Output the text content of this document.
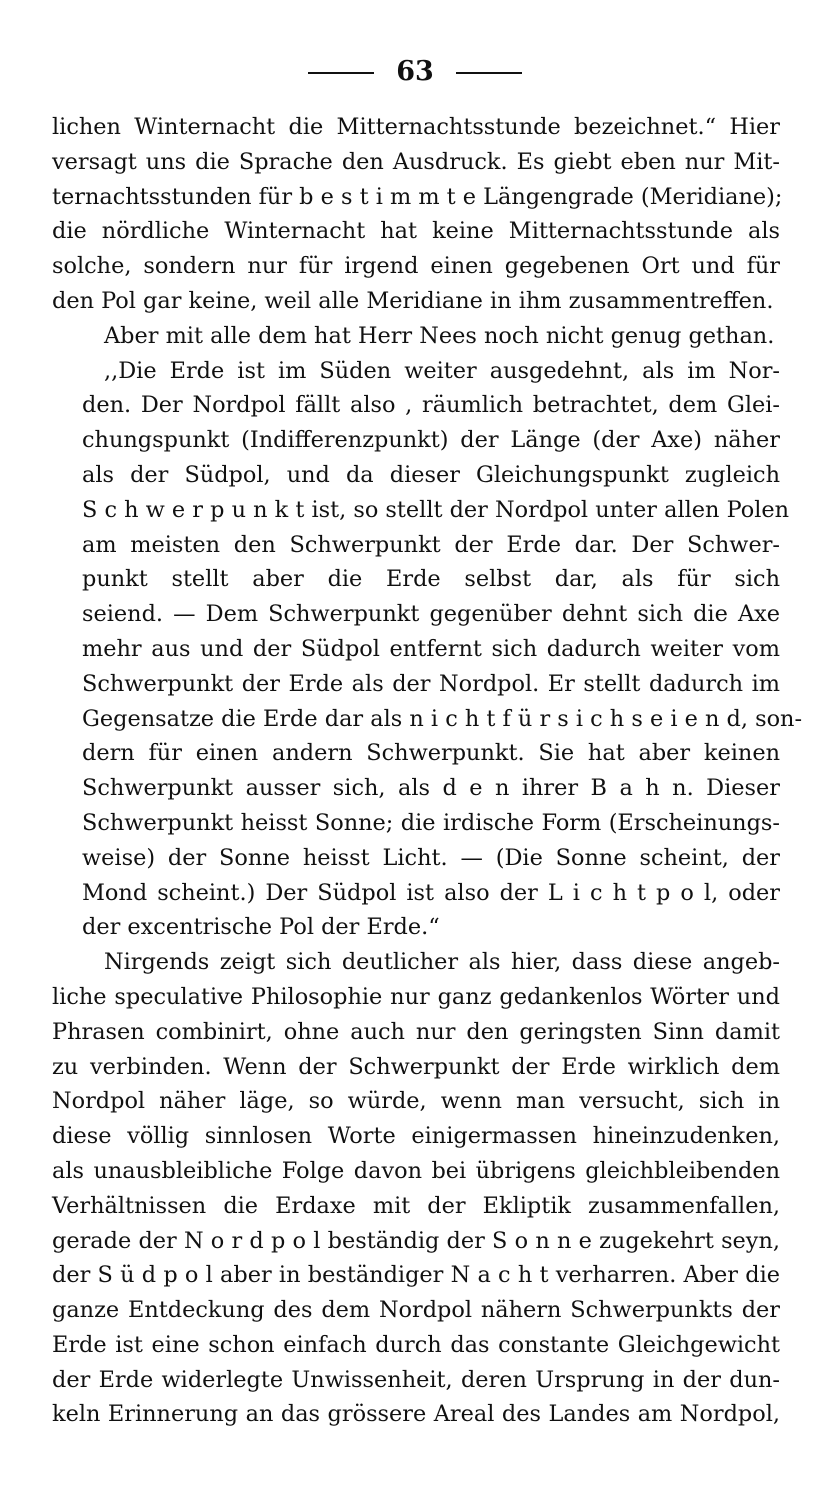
63
lichen Winternacht die Mitternachtsstunde bezeichnet.“ Hier
versagt uns die Sprache den Ausdruck. Es giebt eben nur Mit-
ternachtsstunden für b e s t i m m t e Längengrade (Meridiane);
die nördliche Winternacht hat keine Mitternachtsstunde als
solche, sondern nur für irgend einen gegebenen Ort und für
den Pol gar keine, weil alle Meridiane in ihm zusammentreffen.
Aber mit alle dem hat Herr Nees noch nicht genug gethan.
,,Die Erde ist im Süden weiter ausgedehnt, als im Nor-
den. Der Nordpol fällt also , räumlich betrachtet, dem Glei-
chungspunkt (Indifferenzpunkt) der Länge (der Axe) näher
als der Südpol, und da dieser Gleichungspunkt zugleich
S c h w e r p u n k t ist, so stellt der Nordpol unter allen Polen
am meisten den Schwerpunkt der Erde dar. Der Schwer-
punkt stellt aber die Erde selbst dar, als für sich
seiend. — Dem Schwerpunkt gegenüber dehnt sich die Axe
mehr aus und der Südpol entfernt sich dadurch weiter vom
Schwerpunkt der Erde als der Nordpol. Er stellt dadurch im
Gegensatze die Erde dar als n i c h t f ü r s i c h s e i e n d, son-
dern für einen andern Schwerpunkt. Sie hat aber keinen
Schwerpunkt ausser sich, als d e n ihrer B a h n. Dieser
Schwerpunkt heisst Sonne; die irdische Form (Erscheinungs-
weise) der Sonne heisst Licht. — (Die Sonne scheint, der
Mond scheint.) Der Südpol ist also der L i c h t p o l, oder
der excentrische Pol der Erde.“
Nirgends zeigt sich deutlicher als hier, dass diese angeb-
liche speculative Philosophie nur ganz gedankenlos Wörter und
Phrasen combinirt, ohne auch nur den geringsten Sinn damit
zu verbinden. Wenn der Schwerpunkt der Erde wirklich dem
Nordpol näher läge, so würde, wenn man versucht, sich in
diese völlig sinnlosen Worte einigermassen hineinzudenken,
als unausbleibliche Folge davon bei übrigens gleichbleibenden
Verhältnissen die Erdaxe mit der Ekliptik zusammenfallen,
gerade der N o r d p o l beständig der S o n n e zugekehrt seyn,
der S ü d p o l aber in beständiger N a c h t verharren. Aber die
ganze Entdeckung des dem Nordpol nähern Schwerpunkts der
Erde ist eine schon einfach durch das constante Gleichgewicht
der Erde widerlegte Unwissenheit, deren Ursprung in der dun-
keln Erinnerung an das grössere Areal des Landes am Nordpol,
